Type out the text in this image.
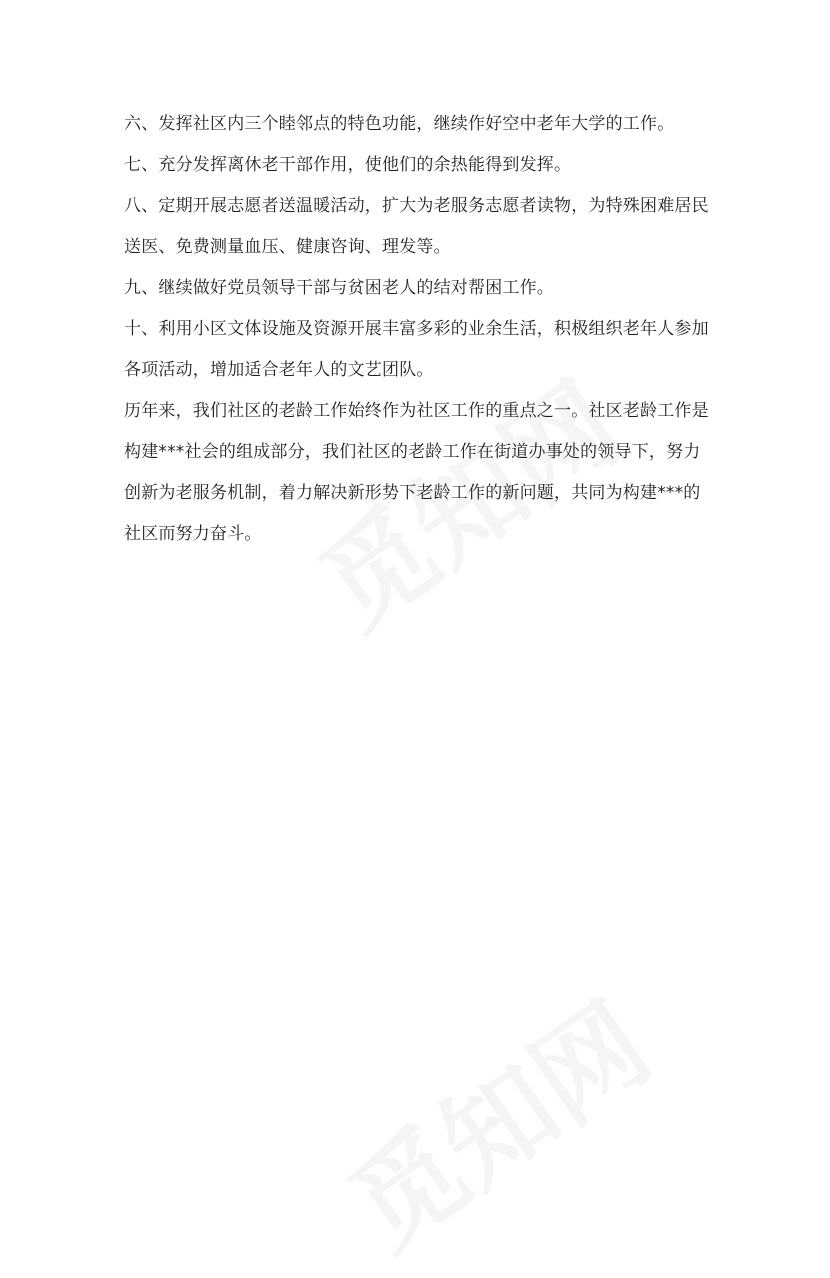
六、发挥社区内三个睦邻点的特色功能，继续作好空中老年大学的工作。

七、充分发挥离休老干部作用，使他们的余热能得到发挥。

八、定期开展志愿者送温暖活动，扩大为老服务志愿者读物，为特殊困难居民送医、免费测量血压、健康咨询、理发等。

九、继续做好党员领导干部与贫困老人的结对帮困工作。

十、利用小区文体设施及资源开展丰富多彩的业余生活，积极组织老年人参加各项活动，增加适合老年人的文艺团队。

历年来，我们社区的老龄工作始终作为社区工作的重点之一。社区老龄工作是构建***社会的组成部分，我们社区的老龄工作在街道办事处的领导下，努力创新为老服务机制，着力解决新形势下老龄工作的新问题，共同为构建***的社区而努力奋斗。
